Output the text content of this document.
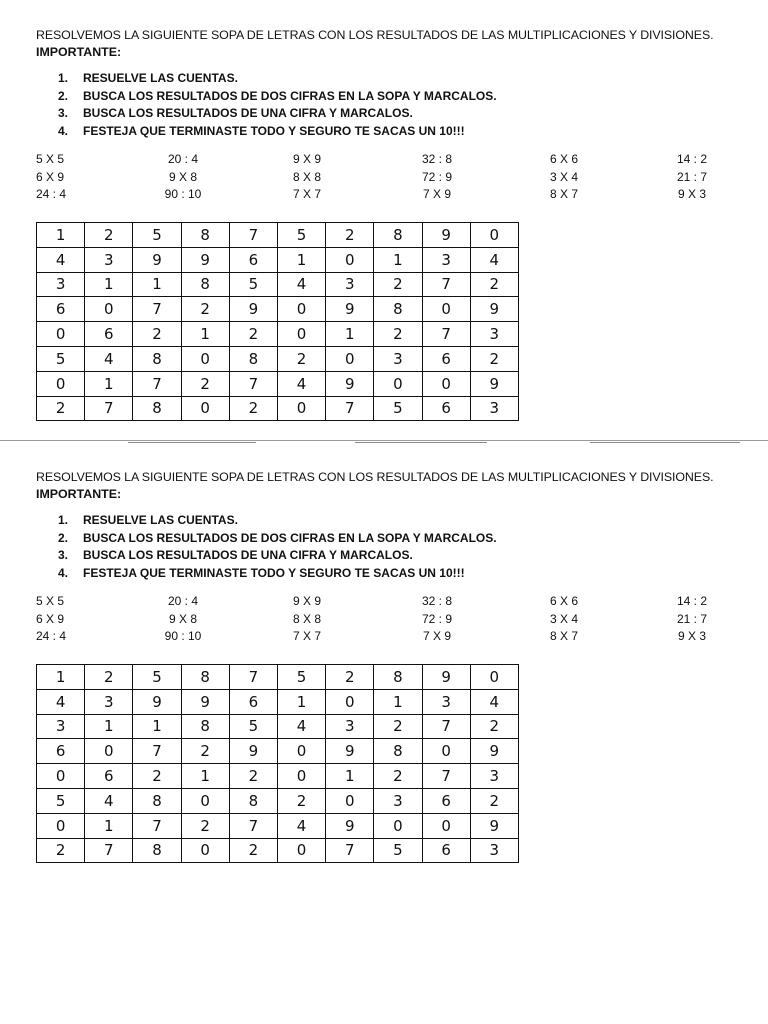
RESOLVEMOS LA SIGUIENTE SOPA DE LETRAS CON LOS RESULTADOS DE LAS MULTIPLICACIONES Y DIVISIONES.
IMPORTANTE:
1.	RESUELVE LAS CUENTAS.
2.	BUSCA LOS RESULTADOS DE DOS CIFRAS EN LA SOPA Y MARCALOS.
3.	BUSCA LOS RESULTADOS DE UNA CIFRA Y MARCALOS.
4.	FESTEJA QUE TERMINASTE TODO Y SEGURO TE SACAS UN 10!!!
5 X 5	20 : 4	9 X 9	32 : 8	6 X 6	14 : 2
6 X 9	9 X 8	8 X 8	72 : 9	3 X 4	21 : 7
24 : 4	90 : 10	7 X 7	7 X 9	8 X 7	9 X 3
1	2	5	8	7	5	2	8	9	0
4	3	9	9	6	1	0	1	3	4
3	1	1	8	5	4	3	2	7	2
6	0	7	2	9	0	9	8	0	9
0	6	2	1	2	0	1	2	7	3
5	4	8	0	8	2	0	3	6	2
0	1	7	2	7	4	9	0	0	9
2	7	8	0	2	0	7	5	6	3
RESOLVEMOS LA SIGUIENTE SOPA DE LETRAS CON LOS RESULTADOS DE LAS MULTIPLICACIONES Y DIVISIONES.
IMPORTANTE:
1.	RESUELVE LAS CUENTAS.
2.	BUSCA LOS RESULTADOS DE DOS CIFRAS EN LA SOPA Y MARCALOS.
3.	BUSCA LOS RESULTADOS DE UNA CIFRA Y MARCALOS.
4.	FESTEJA QUE TERMINASTE TODO Y SEGURO TE SACAS UN 10!!!
5 X 5	20 : 4	9 X 9	32 : 8	6 X 6	14 : 2
6 X 9	9 X 8	8 X 8	72 : 9	3 X 4	21 : 7
24 : 4	90 : 10	7 X 7	7 X 9	8 X 7	9 X 3
1	2	5	8	7	5	2	8	9	0
4	3	9	9	6	1	0	1	3	4
3	1	1	8	5	4	3	2	7	2
6	0	7	2	9	0	9	8	0	9
0	6	2	1	2	0	1	2	7	3
5	4	8	0	8	2	0	3	6	2
0	1	7	2	7	4	9	0	0	9
2	7	8	0	2	0	7	5	6	3
